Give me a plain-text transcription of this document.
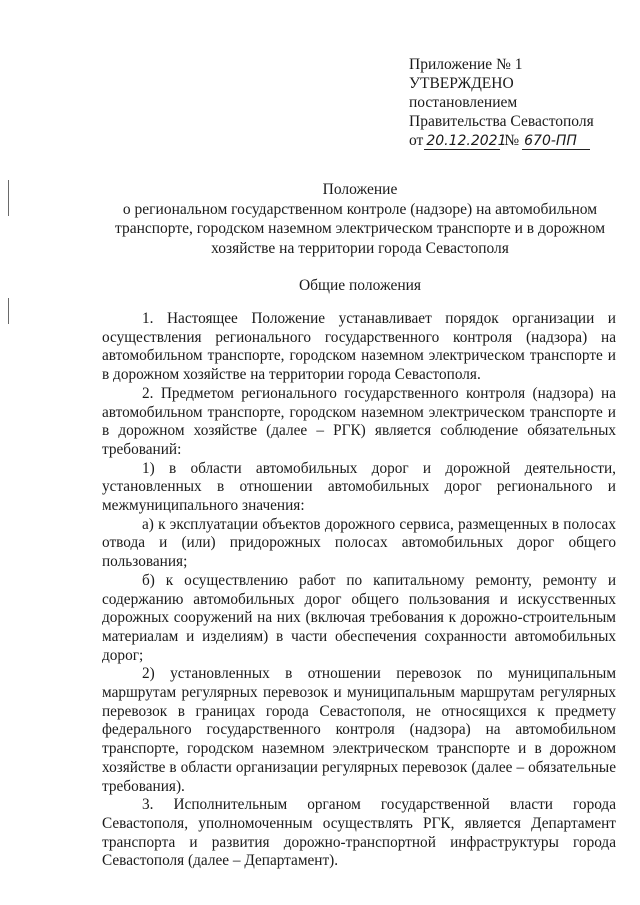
Приложение № 1
УТВЕРЖДЕНО
постановлением
Правительства Севастополя
от 20.12.2021
№ 670-ПП
Положение
о региональном государственном контроле (надзоре) на автомобильном
транспорте, городском наземном электрическом транспорте и в дорожном
хозяйстве на территории города Севастополя
Общие положения

1. Настоящее Положение устанавливает порядок организации и осуществления регионального государственного контроля (надзора) на автомобильном транспорте, городском наземном электрическом транспорте и в дорожном хозяйстве на территории города Севастополя.

2. Предметом регионального государственного контроля (надзора) на автомобильном транспорте, городском наземном электрическом транспорте и в дорожном хозяйстве (далее – РГК) является соблюдение обязательных требований:

1) в области автомобильных дорог и дорожной деятельности, установленных в отношении автомобильных дорог регионального и межмуниципального значения:

а) к эксплуатации объектов дорожного сервиса, размещенных в полосах отвода и (или) придорожных полосах автомобильных дорог общего пользования;

б) к осуществлению работ по капитальному ремонту, ремонту и содержанию автомобильных дорог общего пользования и искусственных дорожных сооружений на них (включая требования к дорожно-строительным материалам и изделиям) в части обеспечения сохранности автомобильных дорог;

2) установленных в отношении перевозок по муниципальным маршрутам регулярных перевозок и муниципальным маршрутам регулярных перевозок в границах города Севастополя, не относящихся к предмету федерального государственного контроля (надзора) на автомобильном транспорте, городском наземном электрическом транспорте и в дорожном хозяйстве в области организации регулярных перевозок (далее – обязательные требования).

3. Исполнительным органом государственной власти города Севастополя, уполномоченным осуществлять РГК, является Департамент транспорта и развития дорожно-транспортной инфраструктуры города Севастополя (далее – Департамент).
